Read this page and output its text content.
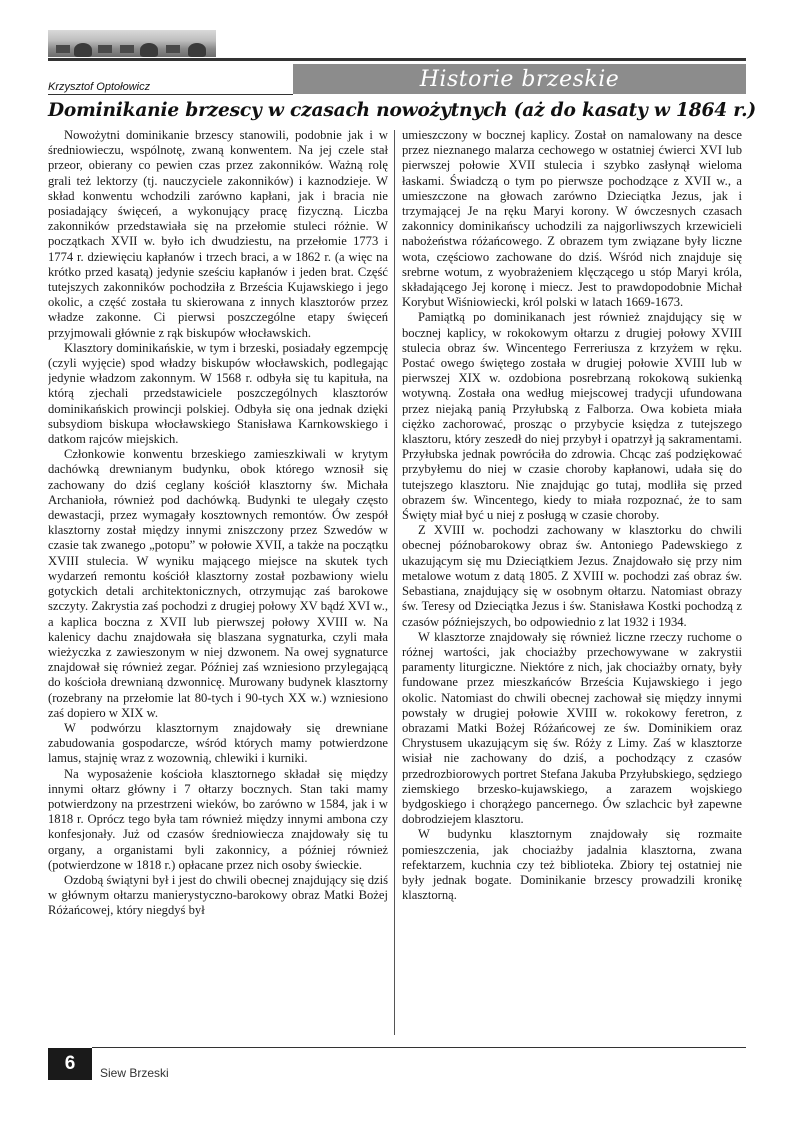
Krzysztof Optołowicz	Historie brzeskie
Dominikanie brzescy w czasach nowożytnych (aż do kasaty w 1864 r.)

Nowożytni dominikanie brzescy stanowili, podobnie jak i w średniowieczu, wspólnotę, zwaną konwentem. Na jej czele stał przeor, obierany co pewien czas przez zakonników. Ważną rolę grali też lektorzy (tj. nauczyciele zakonników) i kaznodzieje. W skład konwentu wchodzili zarówno kapłani, jak i bracia nie posiadający święceń, a wykonujący pracę fizyczną. Liczba zakonników przedstawiała się na przełomie stuleci różnie. W początkach XVII w. było ich dwudziestu, na przełomie 1773 i 1774 r. dziewięciu kapłanów i trzech braci, a w 1862 r. (a więc na krótko przed kasatą) jedynie sześciu kapłanów i jeden brat. Część tutejszych zakonników pochodziła z Brześcia Kujawskiego i jego okolic, a część została tu skierowana z innych klasztorów przez władze zakonne. Ci pierwsi poszczególne etapy święceń przyjmowali głównie z rąk biskupów włocławskich.

Klasztory dominikańskie, w tym i brzeski, posiadały egzempcję (czyli wyjęcie) spod władzy biskupów włocławskich, podlegając jedynie władzom zakonnym. W 1568 r. odbyła się tu kapituła, na którą zjechali przedstawiciele poszczególnych klasztorów dominikańskich prowincji polskiej. Odbyła się ona jednak dzięki subsydiom biskupa włocławskiego Stanisława Karnkowskiego i datkom rajców miejskich.

Członkowie konwentu brzeskiego zamieszkiwali w krytym dachówką drewnianym budynku, obok którego wznosił się zachowany do dziś ceglany kościół klasztorny św. Michała Archanioła, również pod dachówką. Budynki te ulegały często dewastacji, przez wymagały kosztownych remontów. Ów zespół klasztorny został między innymi zniszczony przez Szwedów w czasie tak zwanego „potopu” w połowie XVII, a także na początku XVIII stulecia. W wyniku mającego miejsce na skutek tych wydarzeń remontu kościół klasztorny został pozbawiony wielu gotyckich detali architektonicznych, otrzymując zaś barokowe szczyty. Zakrystia zaś pochodzi z drugiej połowy XV bądź XVI w., a kaplica boczna z XVII lub pierwszej połowy XVIII w. Na kalenicy dachu znajdowała się blaszana sygnaturka, czyli mała wieżyczka z zawieszonym w niej dzwonem. Na owej sygnaturce znajdował się również zegar. Później zaś wzniesiono przylegającą do kościoła drewnianą dzwonnicę. Murowany budynek klasztorny (rozebrany na przełomie lat 80-tych i 90-tych XX w.) wzniesiono zaś dopiero w XIX w.

W podwórzu klasztornym znajdowały się drewniane zabudowania gospodarcze, wśród których mamy potwierdzone lamus, stajnię wraz z wozownią, chlewiki i kurniki.

Na wyposażenie kościoła klasztornego składał się między innymi ołtarz główny i 7 ołtarzy bocznych. Stan taki mamy potwierdzony na przestrzeni wieków, bo zarówno w 1584, jak i w 1818 r. Oprócz tego była tam również między innymi ambona czy konfesjonały. Już od czasów średniowiecza znajdowały się tu organy, a organistami byli zakonnicy, a później również (potwierdzone w 1818 r.) opłacane przez nich osoby świeckie.

Ozdobą świątyni był i jest do chwili obecnej znajdujący się dziś w głównym ołtarzu manierystyczno-barokowy obraz Matki Bożej Różańcowej, który niegdyś był

umieszczony w bocznej kaplicy. Został on namalowany na desce przez nieznanego malarza cechowego w ostatniej ćwierci XVI lub pierwszej połowie XVII stulecia i szybko zasłynął wieloma łaskami. Świadczą o tym po pierwsze pochodzące z XVII w., a umieszczone na głowach zarówno Dzieciątka Jezus, jak i trzymającej Je na ręku Maryi korony. W ówczesnych czasach zakonnicy dominikańscy uchodzili za najgorliwszych krzewicieli nabożeństwa różańcowego. Z obrazem tym związane były liczne wota, częściowo zachowane do dziś. Wśród nich znajduje się srebrne wotum, z wyobrażeniem klęczącego u stóp Maryi króla, składającego Jej koronę i miecz. Jest to prawdopodobnie Michał Korybut Wiśniowiecki, król polski w latach 1669-1673.

Pamiątką po dominikanach jest również znajdujący się w bocznej kaplicy, w rokokowym ołtarzu z drugiej połowy XVIII stulecia obraz św. Wincentego Ferreriusza z krzyżem w ręku. Postać owego świętego została w drugiej połowie XVIII lub w pierwszej XIX w. ozdobiona posrebrzaną rokokową sukienką wotywną. Została ona według miejscowej tradycji ufundowana przez niejaką panią Przyłubską z Falborza. Owa kobieta miała ciężko zachorować, prosząc o przybycie księdza z tutejszego klasztoru, który zeszedł do niej przybył i opatrzył ją sakramentami. Przyłubska jednak powróciła do zdrowia. Chcąc zaś podziękować przybyłemu do niej w czasie choroby kapłanowi, udała się do tutejszego klasztoru. Nie znajdując go tutaj, modliła się przed obrazem św. Wincentego, kiedy to miała rozpoznać, że to sam Święty miał być u niej z posługą w czasie choroby.

Z XVIII w. pochodzi zachowany w klasztorku do chwili obecnej późnobarokowy obraz św. Antoniego Padewskiego z ukazującym się mu Dzieciątkiem Jezus. Znajdowało się przy nim metalowe wotum z datą 1805. Z XVIII w. pochodzi zaś obraz św. Sebastiana, znajdujący się w osobnym ołtarzu. Natomiast obrazy św. Teresy od Dzieciątka Jezus i św. Stanisława Kostki pochodzą z czasów późniejszych, bo odpowiednio z lat 1932 i 1934.

W klasztorze znajdowały się również liczne rzeczy ruchome o różnej wartości, jak chociażby przechowywane w zakrystii paramenty liturgiczne. Niektóre z nich, jak chociażby ornaty, były fundowane przez mieszkańców Brześcia Kujawskiego i jego okolic. Natomiast do chwili obecnej zachował się między innymi powstały w drugiej połowie XVIII w. rokokowy feretron, z obrazami Matki Bożej Różańcowej ze św. Dominikiem oraz Chrystusem ukazującym się św. Róży z Limy. Zaś w klasztorze wisiał nie zachowany do dziś, a pochodzący z czasów przedrozbiorowych portret Stefana Jakuba Przyłubskiego, sędziego ziemskiego brzesko-kujawskiego, a zarazem wojskiego bydgoskiego i chorążego pancernego. Ów szlachcic był zapewne dobrodziejem klasztoru.

W budynku klasztornym znajdowały się rozmaite pomieszczenia, jak chociażby jadalnia klasztorna, zwana refektarzem, kuchnia czy też biblioteka. Zbiory tej ostatniej nie były jednak bogate. Dominikanie brzescy prowadzili kronikę klasztorną.

6	Siew Brzeski
